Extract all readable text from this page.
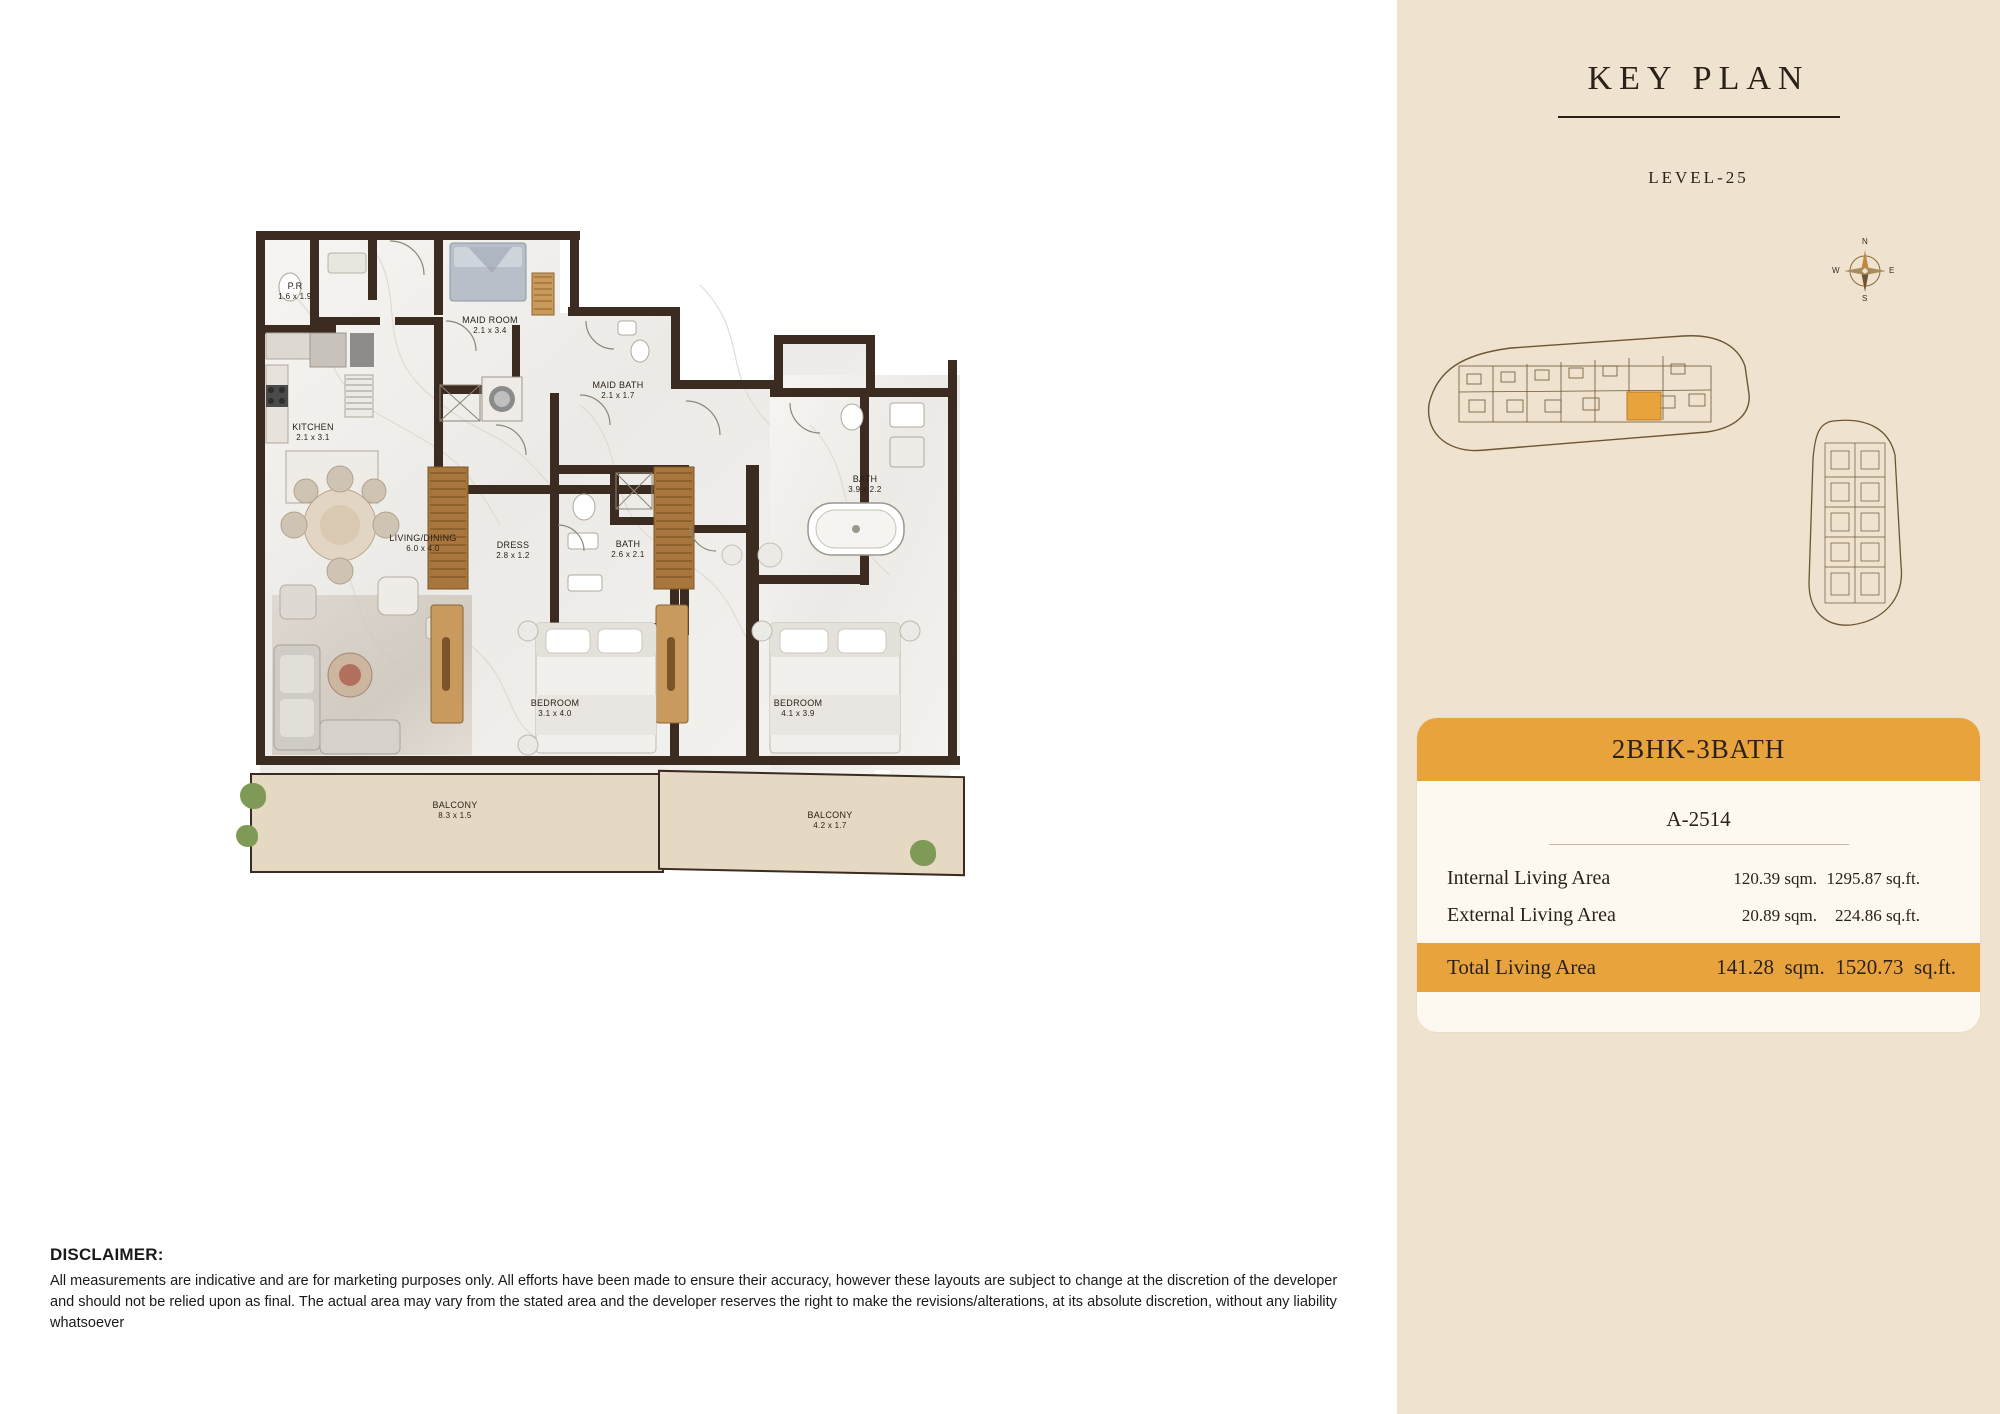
P.R
1.6 x 1.9
MAID ROOM
2.1 x 3.4
MAID BATH
2.1 x 1.7
KITCHEN
2.1 x 3.1
LIVING/DINING
6.0 x 4.0	DRESS
2.8 x 1.2
BATH
2.6 x 2.1
BATH
3.9 x 2.2
BEDROOM
3.1 x 4.0
BEDROOM
4.1 x 3.9
BALCONY
8.3 x 1.5	BALCONY
4.2 x 1.7
DISCLAIMER:
All measurements are indicative and are for marketing purposes only. All efforts have been made to ensure their accuracy, however these layouts are subject to change at the discretion of the developer and should not be relied upon as final. The actual area may vary from the stated area and the developer reserves the right to make the revisions/alterations, at its absolute discretion, without any liability whatsoever
KEY PLAN
LEVEL-25
N
S
E
W
2BHK-3BATH
A-2514
Internal Living Area	120.39 sqm. 1295.87 sq.ft.
External Living Area	20.89 sqm.	224.86 sq.ft.
Total Living Area	141.28  sqm.  1520.73  sq.ft.
